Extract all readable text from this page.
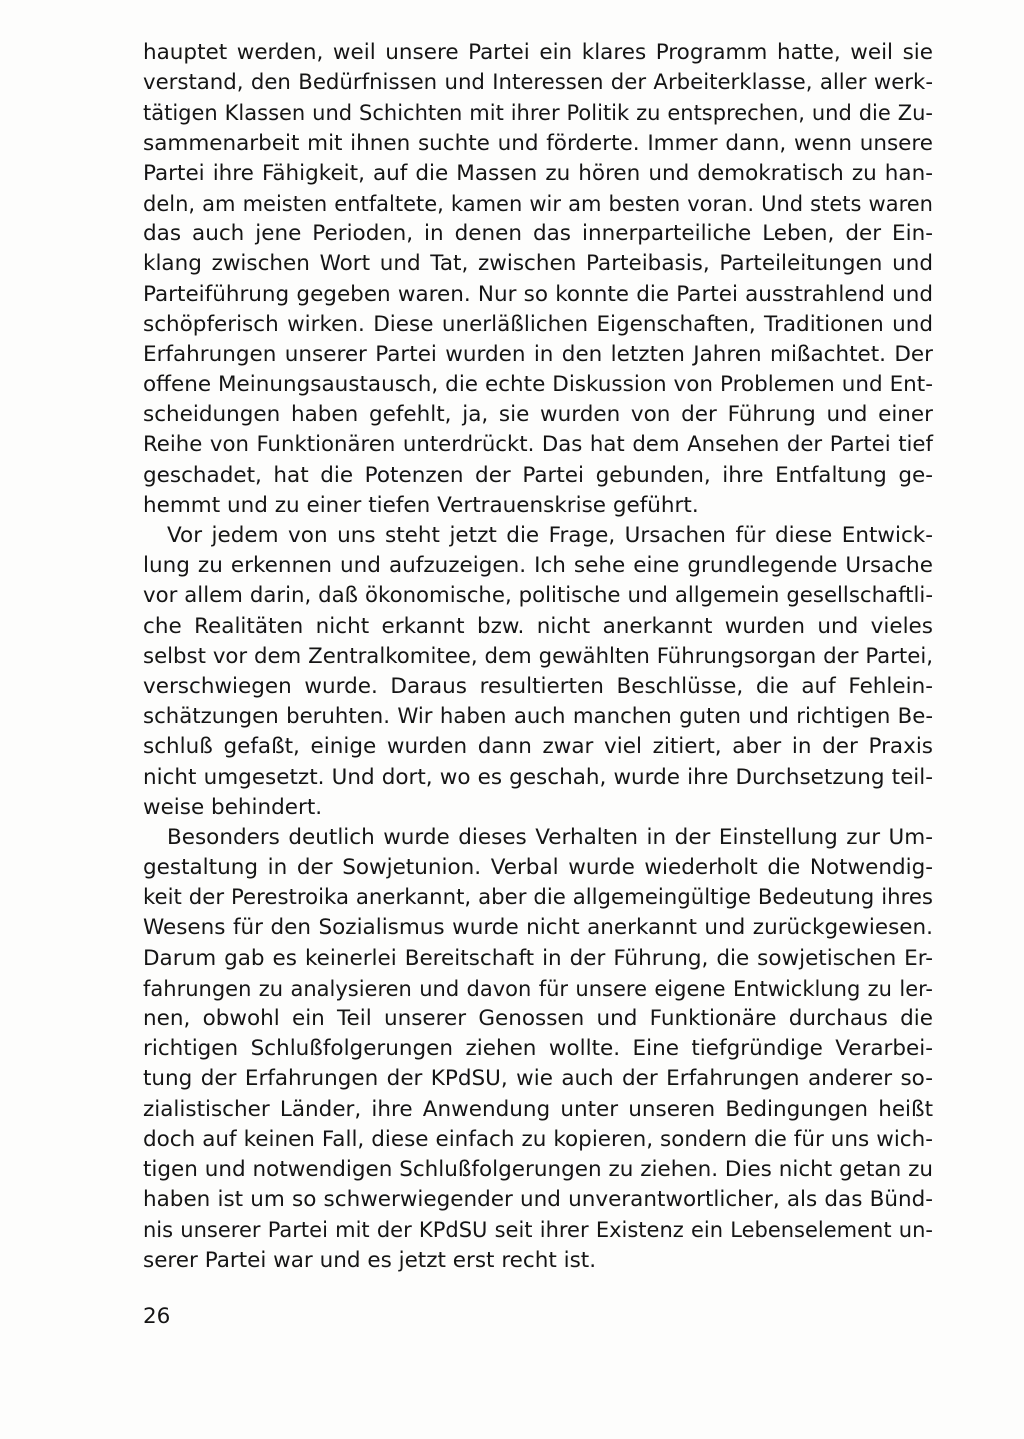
hauptet werden, weil unsere Partei ein klares Programm hatte, weil sie
verstand, den Bedürfnissen und Interessen der Arbeiterklasse, aller werk-
tätigen Klassen und Schichten mit ihrer Politik zu entsprechen, und die Zu-
sammenarbeit mit ihnen suchte und förderte. Immer dann, wenn unsere
Partei ihre Fähigkeit, auf die Massen zu hören und demokratisch zu han-
deln, am meisten entfaltete, kamen wir am besten voran. Und stets waren
das auch jene Perioden, in denen das innerparteiliche Leben, der Ein-
klang zwischen Wort und Tat, zwischen Parteibasis, Parteileitungen und
Parteiführung gegeben waren. Nur so konnte die Partei ausstrahlend und
schöpferisch wirken. Diese unerläßlichen Eigenschaften, Traditionen und
Erfahrungen unserer Partei wurden in den letzten Jahren mißachtet. Der
offene Meinungsaustausch, die echte Diskussion von Problemen und Ent-
scheidungen haben gefehlt, ja, sie wurden von der Führung und einer
Reihe von Funktionären unterdrückt. Das hat dem Ansehen der Partei tief
geschadet, hat die Potenzen der Partei gebunden, ihre Entfaltung ge-
hemmt und zu einer tiefen Vertrauenskrise geführt.
Vor jedem von uns steht jetzt die Frage, Ursachen für diese Entwick-
lung zu erkennen und aufzuzeigen. Ich sehe eine grundlegende Ursache
vor allem darin, daß ökonomische, politische und allgemein gesellschaftli-
che Realitäten nicht erkannt bzw. nicht anerkannt wurden und vieles
selbst vor dem Zentralkomitee, dem gewählten Führungsorgan der Partei,
verschwiegen wurde. Daraus resultierten Beschlüsse, die auf Fehlein-
schätzungen beruhten. Wir haben auch manchen guten und richtigen Be-
schluß gefaßt, einige wurden dann zwar viel zitiert, aber in der Praxis
nicht umgesetzt. Und dort, wo es geschah, wurde ihre Durchsetzung teil-
weise behindert.
Besonders deutlich wurde dieses Verhalten in der Einstellung zur Um-
gestaltung in der Sowjetunion. Verbal wurde wiederholt die Notwendig-
keit der Perestroika anerkannt, aber die allgemeingültige Bedeutung ihres
Wesens für den Sozialismus wurde nicht anerkannt und zurückgewiesen.
Darum gab es keinerlei Bereitschaft in der Führung, die sowjetischen Er-
fahrungen zu analysieren und davon für unsere eigene Entwicklung zu ler-
nen, obwohl ein Teil unserer Genossen und Funktionäre durchaus die
richtigen Schlußfolgerungen ziehen wollte. Eine tiefgründige Verarbei-
tung der Erfahrungen der KPdSU, wie auch der Erfahrungen anderer so-
zialistischer Länder, ihre Anwendung unter unseren Bedingungen heißt
doch auf keinen Fall, diese einfach zu kopieren, sondern die für uns wich-
tigen und notwendigen Schlußfolgerungen zu ziehen. Dies nicht getan zu
haben ist um so schwerwiegender und unverantwortlicher, als das Bünd-
nis unserer Partei mit der KPdSU seit ihrer Existenz ein Lebenselement un-
serer Partei war und es jetzt erst recht ist.
26
